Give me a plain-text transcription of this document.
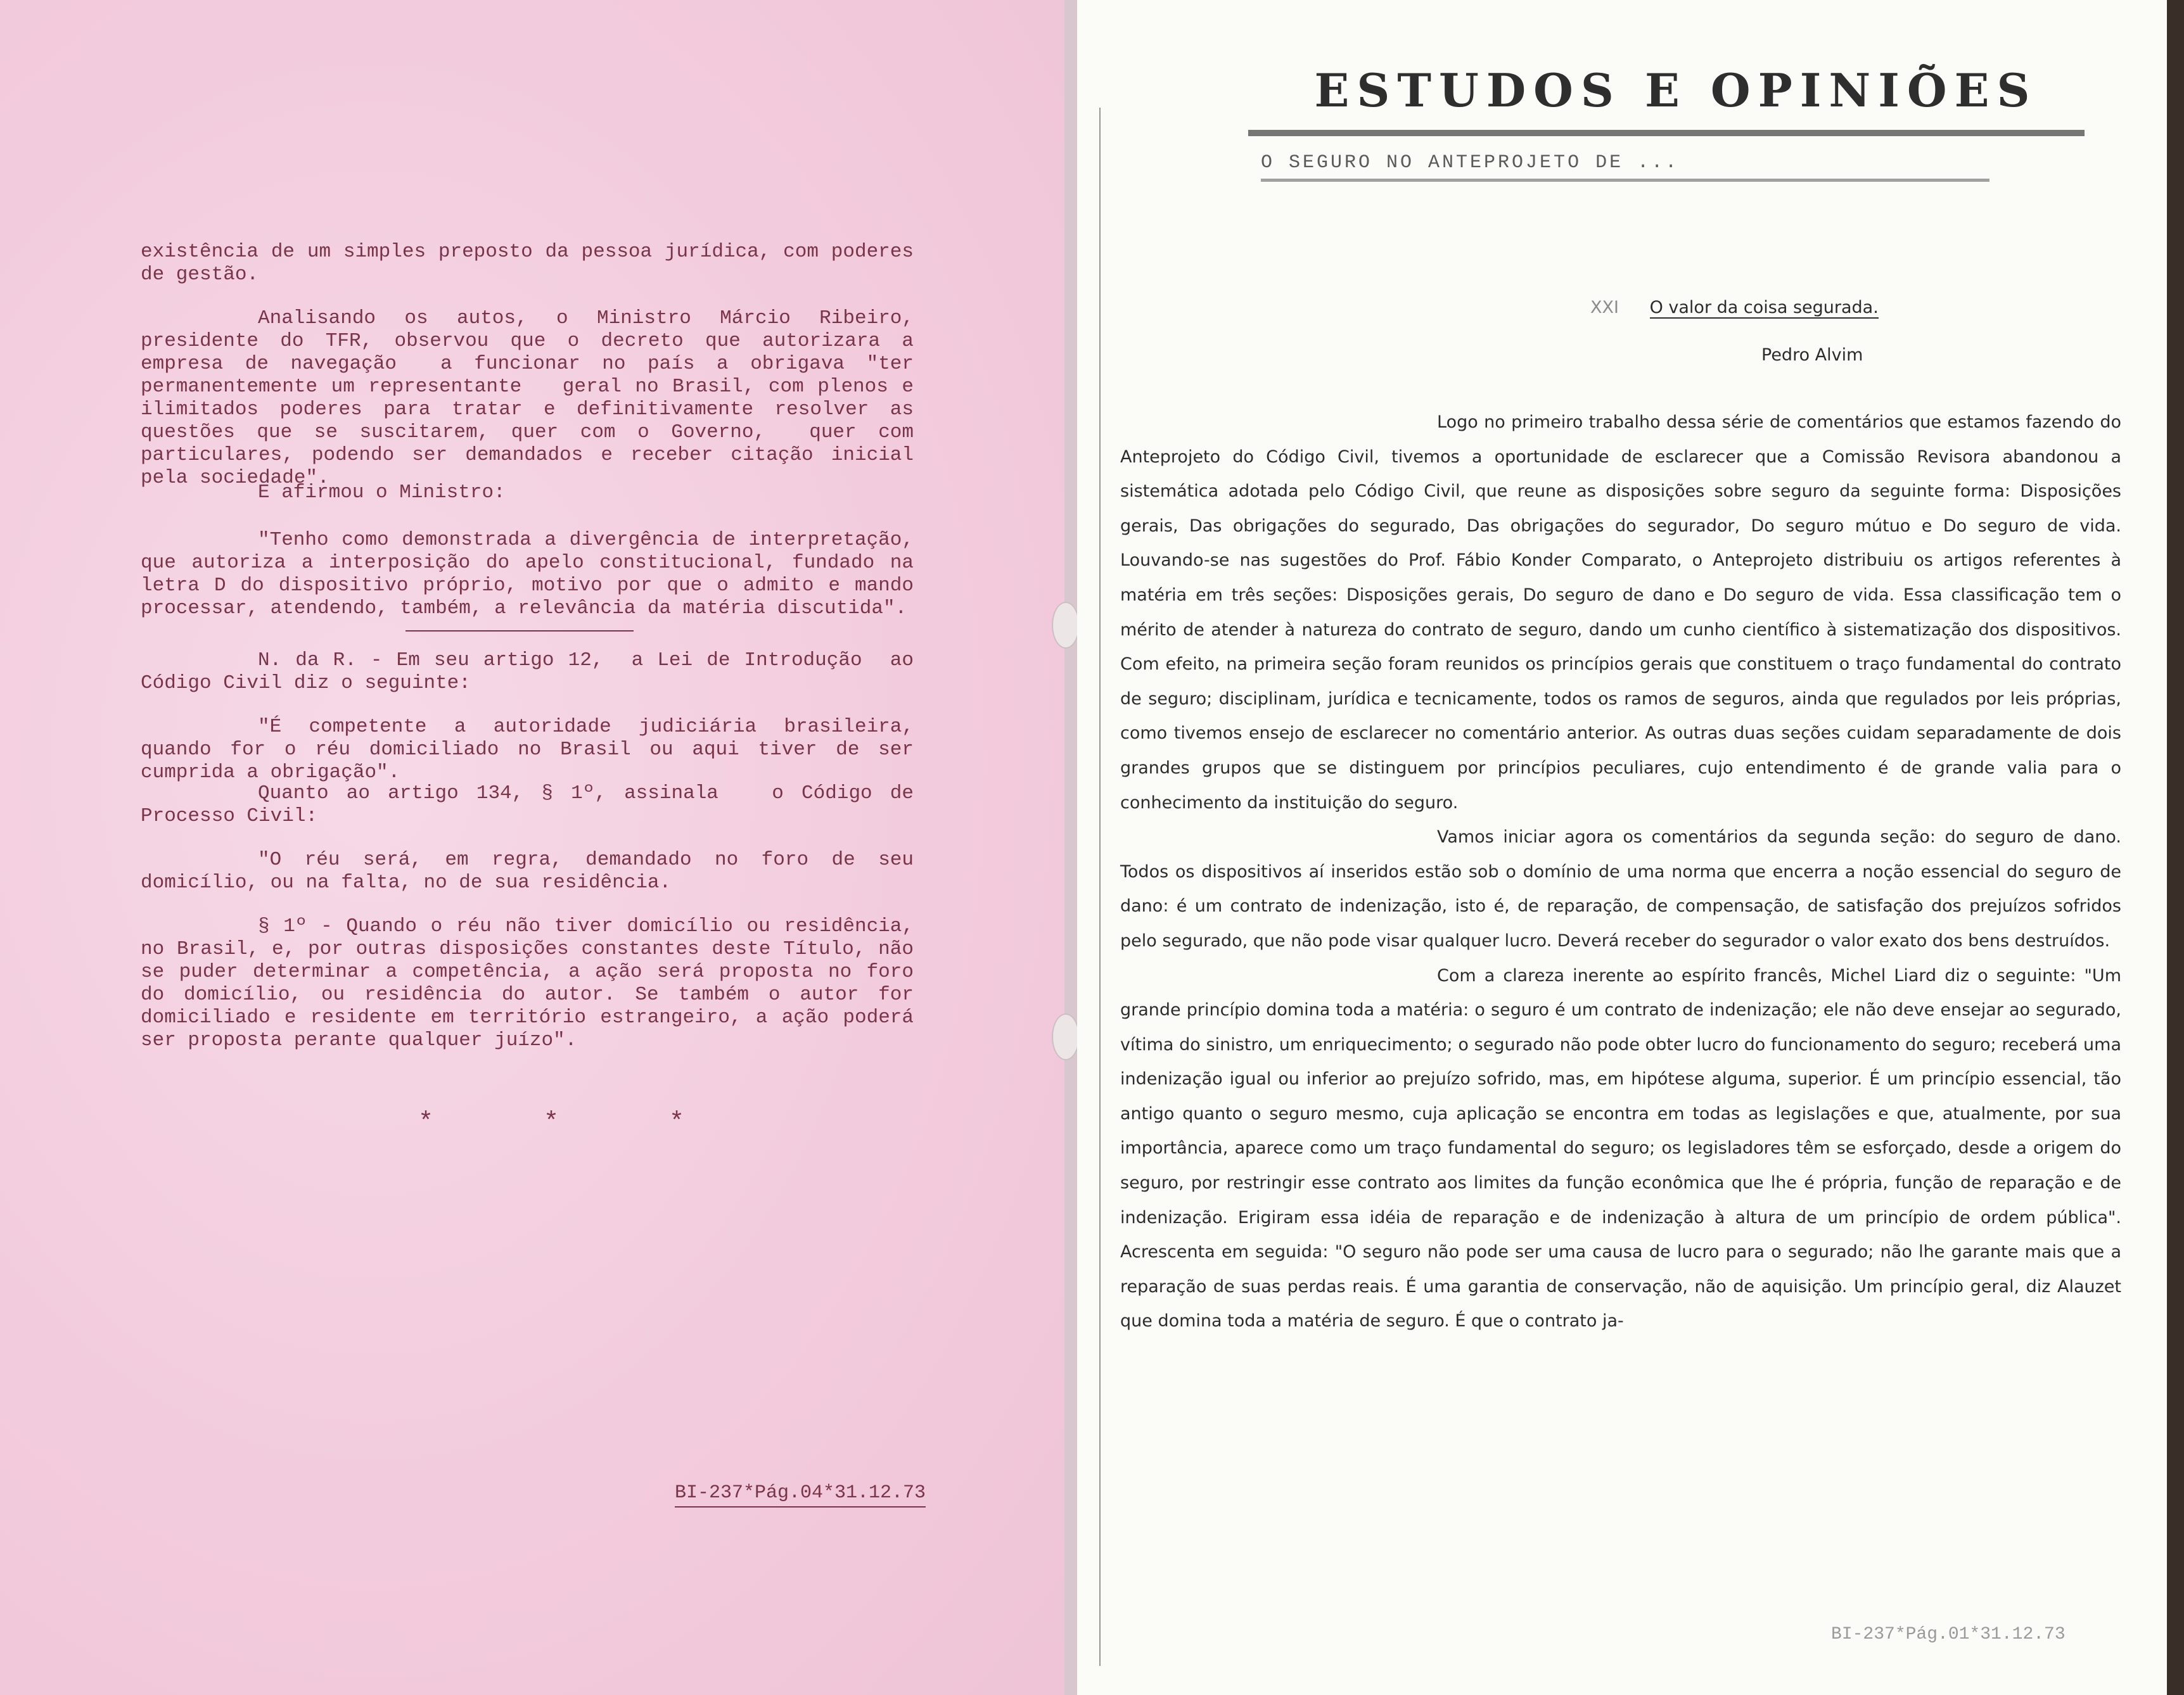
existência de um simples preposto da pessoa jurídica, com poderes    de gestão.
Analisando os autos, o Ministro Márcio Ribeiro,   presidente do TFR, observou que o decreto que autorizara a empresa de navegação  a funcionar no país a obrigava "ter permanentemente um representante   geral no Brasil, com plenos e ilimitados poderes para tratar e definitivamente resolver as questões que se suscitarem, quer com o Governo,  quer com particulares, podendo ser demandados e receber citação inicial pela sociedade".
E afirmou o Ministro:
"Tenho como demonstrada a divergência de interpretação, que autoriza a interposição do apelo constitucional, fundado na letra D do dispositivo próprio, motivo por que o admito e mando processar, atendendo, também, a relevância da matéria discutida".
N. da R. - Em seu artigo 12,  a Lei de Introdução  ao Código Civil diz o seguinte:
"É competente a autoridade judiciária brasileira, quando for o réu domiciliado no Brasil ou aqui tiver de ser cumprida a obrigação".
Quanto ao artigo 134, § 1º, assinala   o Código de Processo Civil:
"O réu será, em regra, demandado no foro de seu domicílio, ou na falta, no de sua residência.
§ 1º - Quando o réu não tiver domicílio ou residência, no Brasil, e, por outras disposições constantes deste Título, não se puder determinar a competência, a ação será proposta no foro do domicílio, ou residência do autor. Se também o autor for domiciliado e residente em território estrangeiro, a ação poderá ser proposta perante qualquer juízo".
*	*	*
BI-237*Pág.04*31.12.73
ESTUDOS E OPINIÕES
O SEGURO NO ANTEPROJETO DE ...
XXI O valor da coisa segurada.
Pedro Alvim

Logo no primeiro trabalho dessa série de comentários que estamos fazendo do Anteprojeto do Código Civil, tivemos a oportunidade de esclarecer que a Comissão Revisora abandonou a sistemática adotada pelo Código Civil, que reune as disposições sobre seguro da seguinte forma: Disposições gerais, Das obrigações do segurado, Das obrigações do segurador, Do seguro mútuo e Do seguro de vida. Louvando-se nas sugestões do Prof. Fábio Konder Comparato, o Anteprojeto distribuiu os artigos referentes à matéria em três seções: Disposições gerais, Do seguro de dano e Do seguro de vida. Essa classificação tem o mérito de atender à natureza do contrato de seguro, dando um cunho científico à sistematização dos dispositivos. Com efeito, na primeira seção foram reunidos os princípios gerais que constituem o traço fundamental do contrato de seguro; disciplinam, jurídica e tecnicamente, todos os ramos de seguros, ainda que regulados por leis próprias, como tivemos ensejo de esclarecer no comentário anterior. As outras duas seções cuidam separadamente de dois grandes grupos que se distinguem por princípios peculiares, cujo entendimento é de grande valia para o conhecimento da instituição do seguro.

Vamos iniciar agora os comentários da segunda seção: do seguro de dano. Todos os dispositivos aí inseridos estão sob o domínio de uma norma que encerra a noção essencial do seguro de dano: é um contrato de indenização, isto é, de reparação, de compensação, de satisfação dos prejuízos sofridos pelo segurado, que não pode visar qualquer lucro. Deverá receber do segurador o valor exato dos bens destruídos.

Com a clareza inerente ao espírito francês, Michel Liard diz o seguinte: "Um grande princípio domina toda a matéria: o seguro é um contrato de indenização; ele não deve ensejar ao segurado, vítima do sinistro, um enriquecimento; o segurado não pode obter lucro do funcionamento do seguro; receberá uma indenização igual ou inferior ao prejuízo sofrido, mas, em hipótese alguma, superior. É um princípio essencial, tão antigo quanto o seguro mesmo, cuja aplicação se encontra em todas as legislações e que, atualmente, por sua importância, aparece como um traço fundamental do seguro; os legisladores têm se esforçado, desde a origem do seguro, por restringir esse contrato aos limites da função econômica que lhe é própria, função de reparação e de indenização. Erigiram essa idéia de reparação e de indenização à altura de um princípio de ordem pública". Acrescenta em seguida: "O seguro não pode ser uma causa de lucro para o segurado; não lhe garante mais que a reparação de suas perdas reais. É uma garantia de conservação, não de aquisição. Um princípio geral, diz Alauzet que domina toda a matéria de seguro. É que o contrato ja-

BI-237*Pág.01*31.12.73
